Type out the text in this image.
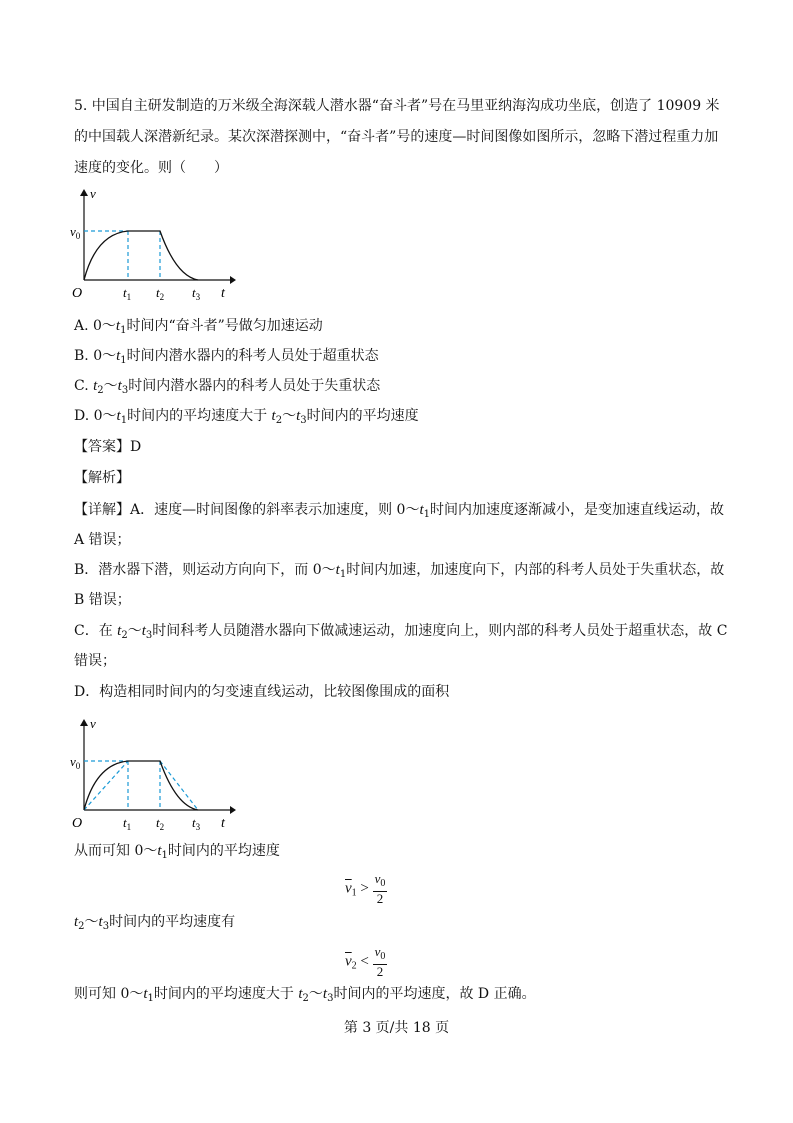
5. 中国自主研发制造的万米级全海深载人潜水器“奋斗者”号在马里亚纳海沟成功坐底，创造了 10909 米
的中国载人深潜新纪录。某次深潜探测中，“奋斗者”号的速度—时间图像如图所示，忽略下潜过程重力加
速度的变化。则（　　）
v
$v_0$
O	$t_1$ $t_2$ $t_3$ t
A. $0\sim t_1$时间内“奋斗者”号做匀加速运动
B. $0\sim t_1$时间内潜水器内的科考人员处于超重状态
C. $t_2\sim t_3$时间内潜水器内的科考人员处于失重状态
D. $0\sim t_1$时间内的平均速度大于 $t_2\sim t_3$时间内的平均速度
【答案】D
【解析】
【详解】A．速度—时间图像的斜率表示加速度，则 $0\sim t_1$时间内加速度逐渐减小，是变加速直线运动，故
A 错误；
B．潜水器下潜，则运动方向向下，而 $0\sim t_1$时间内加速，加速度向下，内部的科考人员处于失重状态，故
B 错误；
C．在 $t_2\sim t_3$时间科考人员随潜水器向下做减速运动，加速度向上，则内部的科考人员处于超重状态，故 C
错误；
D．构造相同时间内的匀变速直线运动，比较图像围成的面积
v
$v_0$
O	$t_1$ $t_2$ $t_3$ t
从而可知 $0\sim t_1$时间内的平均速度
$\overline{v}_1 > \frac{v_0}{2}$
$t_2\sim t_3$时间内的平均速度有
$\overline{v}_2 < \frac{v_0}{2}$
则可知 $0\sim t_1$时间内的平均速度大于 $t_2\sim t_3$时间内的平均速度，故 D 正确。
第 3 页/共 18 页
